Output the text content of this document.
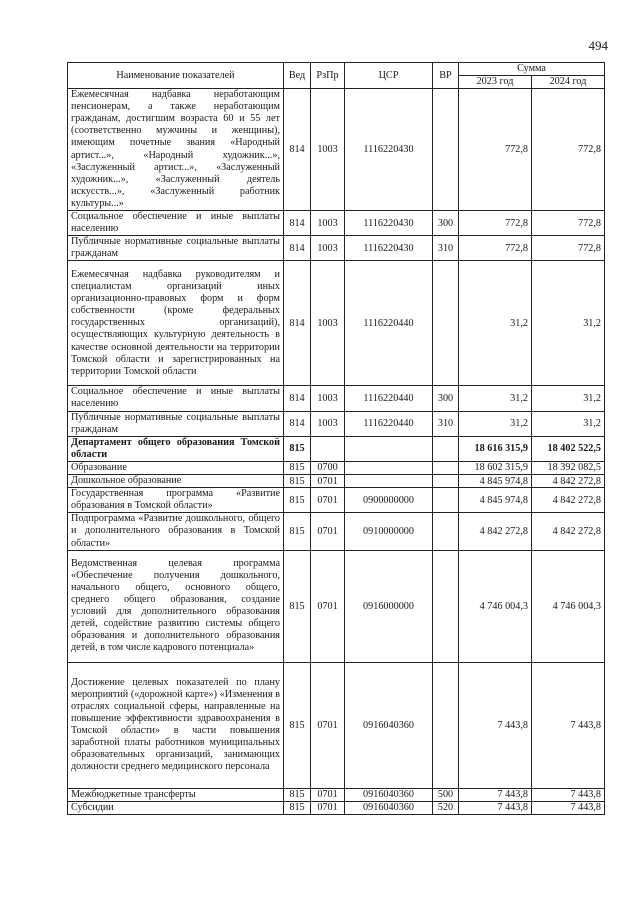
494
Наименование показателей	Вед	РзПр	ЦСР	ВР	Сумма	
					2023 год	2024 год
Ежемесячная надбавка неработающим пенсионерам, а также неработающим гражданам, достигшим возраста 60 и 55 лет (соответственно мужчины и женщины), имеющим почетные звания «Народный артист...», «Народный художник...», «Заслуженный артист...», «Заслуженный художник...», «Заслуженный деятель искусств...», «Заслуженный работник культуры...»	814	1003	1116220430		772,8	772,8
Социальное обеспечение и иные выплаты населению	814	1003	1116220430	300	772,8	772,8
Публичные нормативные социальные выплаты гражданам	814	1003	1116220430	310	772,8	772,8
Ежемесячная надбавка руководителям и специалистам организаций иных организационно-правовых форм и форм собственности (кроме федеральных государственных организаций), осуществляющих культурную деятельность в качестве основной деятельности на территории Томской области и зарегистрированных на территории Томской области	814	1003	1116220440		31,2	31,2
Социальное обеспечение и иные выплаты населению	814	1003	1116220440	300	31,2	31,2
Публичные нормативные социальные выплаты гражданам	814	1003	1116220440	310	31,2	31,2
Департамент общего образования Томской области	815				18 616 315,9	18 402 522,5
Образование	815	0700			18 602 315,9	18 392 082,5
Дошкольное образование	815	0701			4 845 974,8	4 842 272,8
Государственная программа «Развитие образования в Томской области»	815	0701	0900000000		4 845 974,8	4 842 272,8
Подпрограмма «Развитие дошкольного, общего и дополнительного образования в Томской области»	815	0701	0910000000		4 842 272,8	4 842 272,8
Ведомственная целевая программа «Обеспечение получения дошкольного, начального общего, основного общего, среднего общего образования, создание условий для дополнительного образования детей, содействие развитию системы общего образования и дополнительного образования детей, в том числе кадрового потенциала»	815	0701	0916000000		4 746 004,3	4 746 004,3
Достижение целевых показателей по плану мероприятий («дорожной карте») «Изменения в отраслях социальной сферы, направленные на повышение эффективности здравоохранения в Томской области» в части повышения заработной платы работников муниципальных образовательных организаций, занимающих должности среднего медицинского персонала	815	0701	0916040360		7 443,8	7 443,8
Межбюджетные трансферты	815	0701	0916040360	500	7 443,8	7 443,8
Субсидии	815	0701	0916040360	520	7 443,8	7 443,8
